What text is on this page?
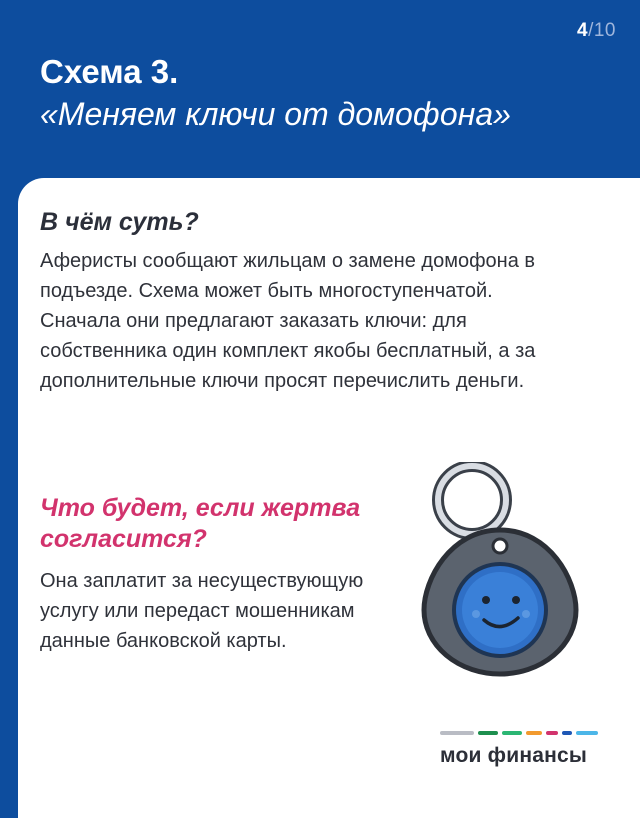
4/10
Схема 3.
«Меняем ключи от домофона»
В чём суть?

Аферисты сообщают жильцам о замене домофона в подъезде. Схема может быть многоступенчатой. Сначала они предлагают заказать ключи: для собственника один комплект якобы бесплатный, а за дополнительные ключи просят перечислить деньги.

Что будет, если жертва согласится?

Она заплатит за несуществующую услугу или передаст мошенникам данные банковской карты.

мои финансы
